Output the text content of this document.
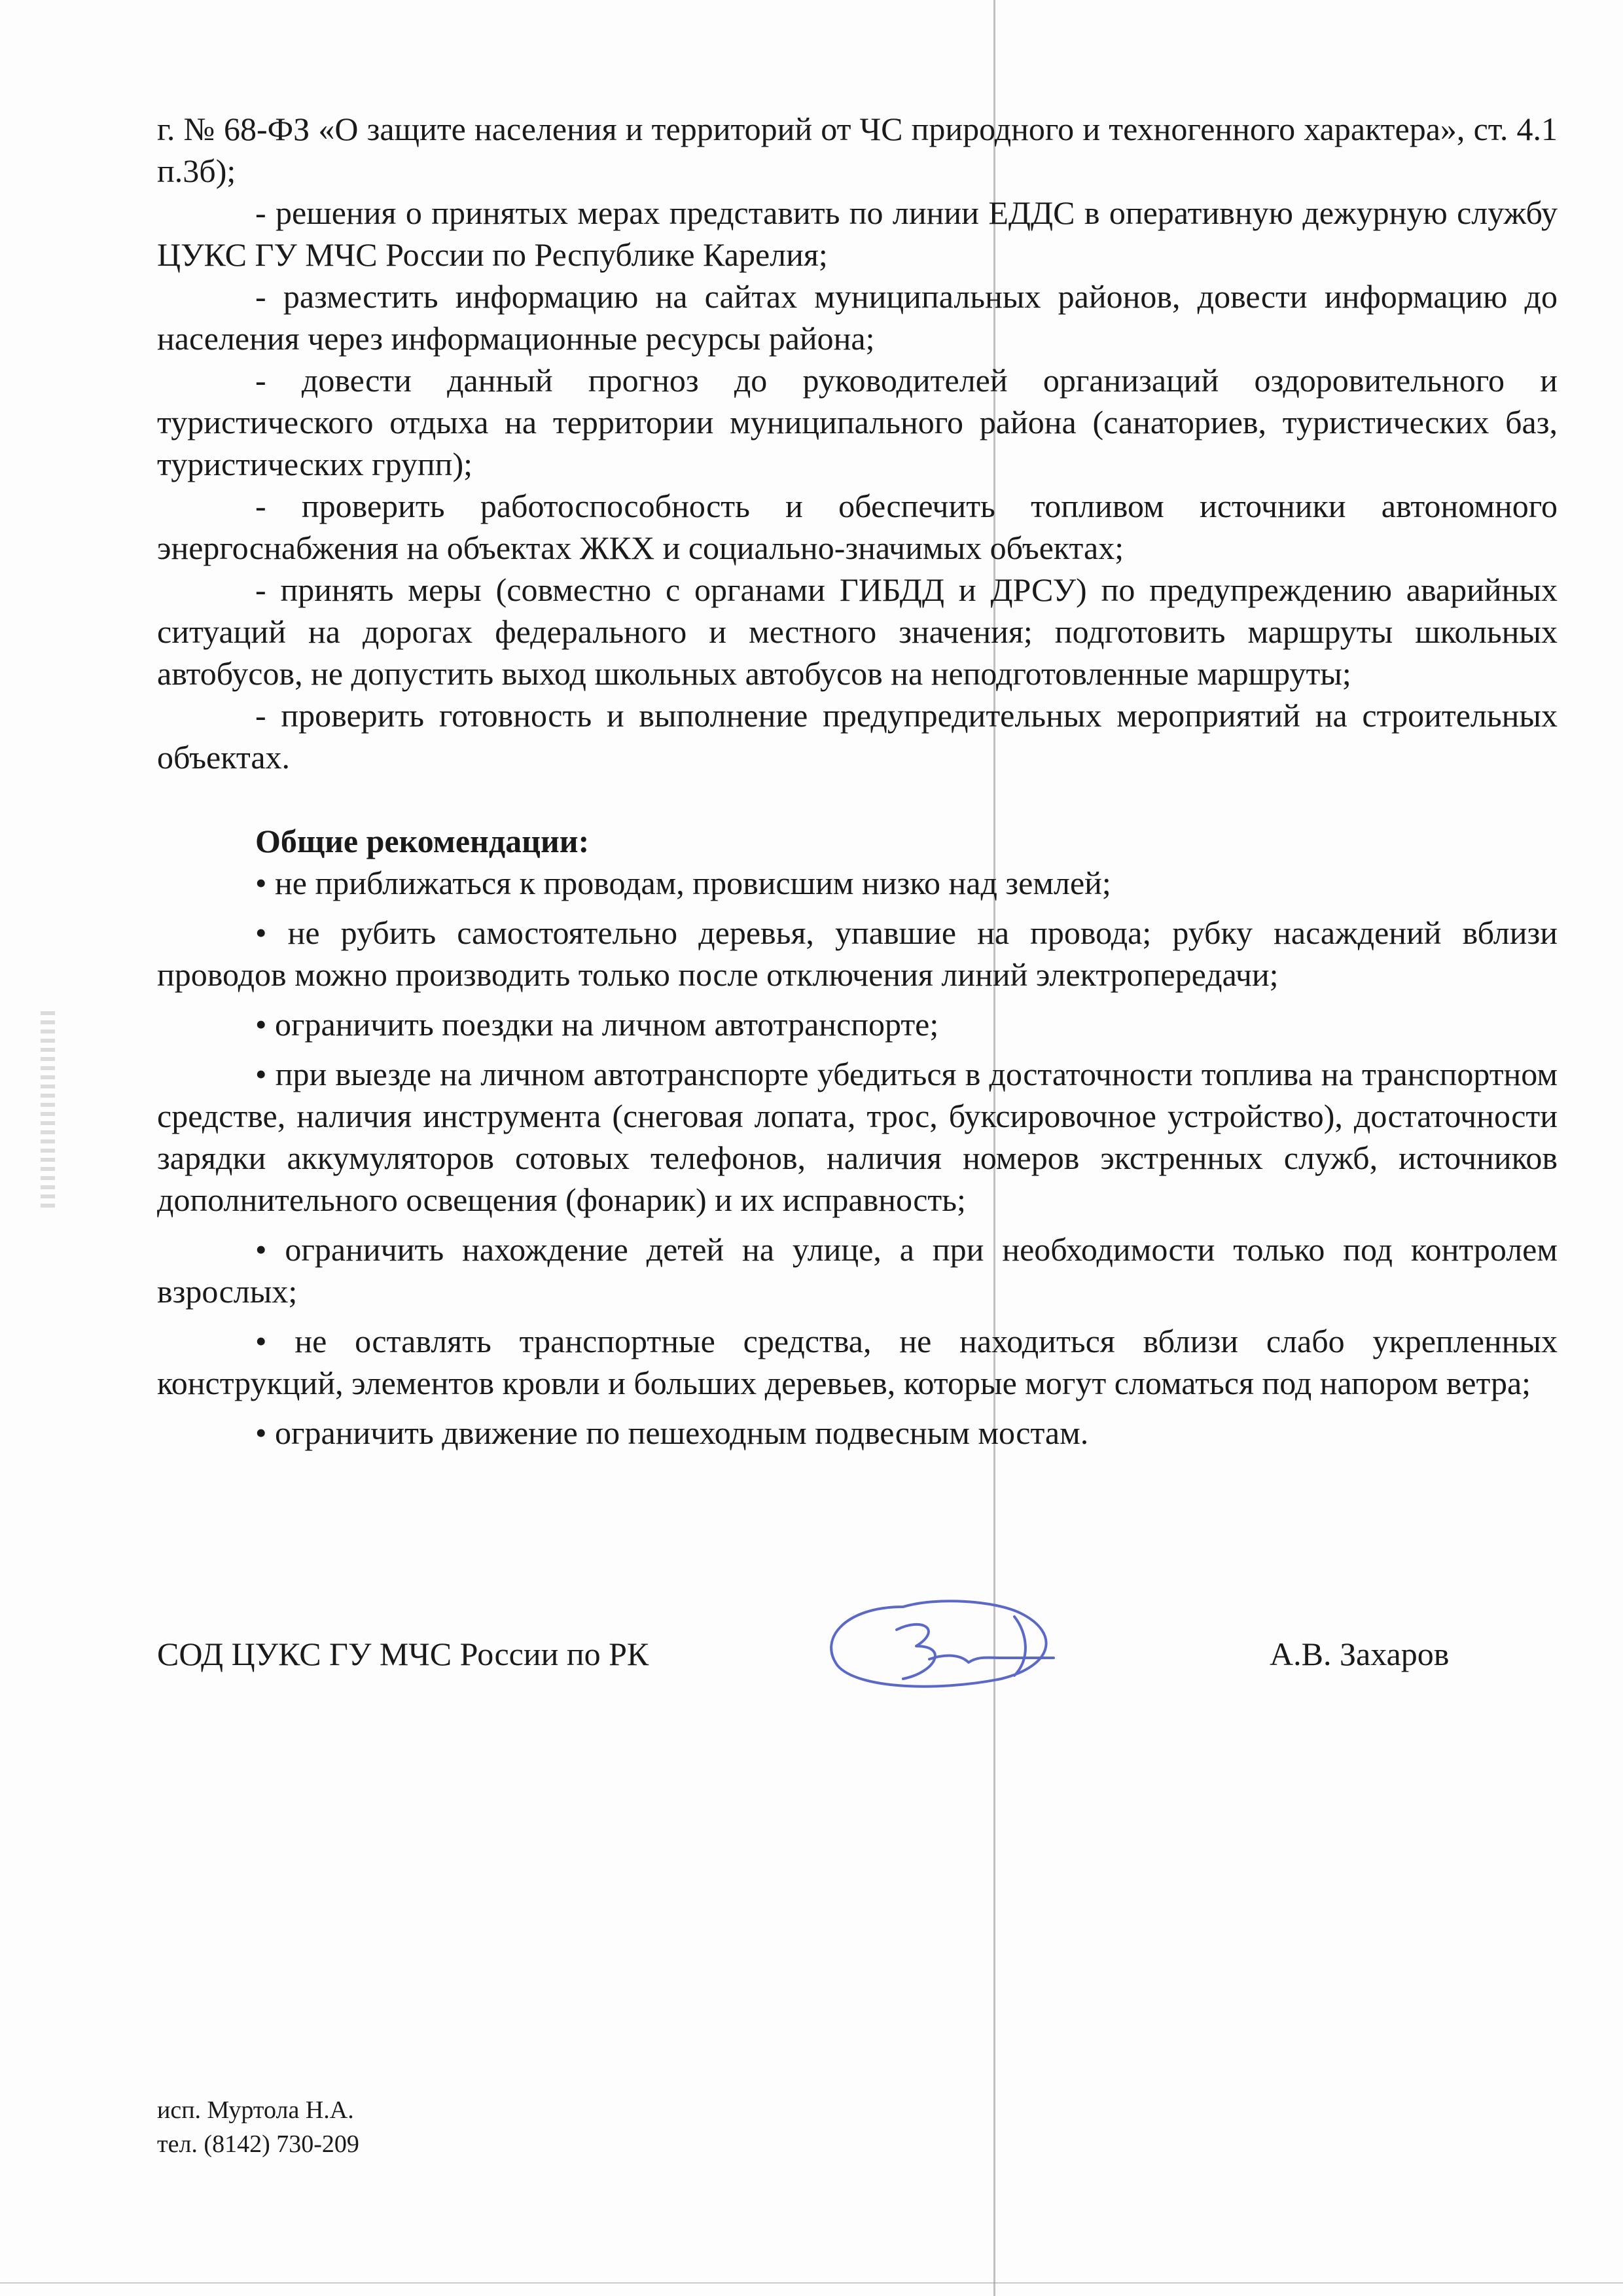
г. № 68-ФЗ «О защите населения и территорий от ЧС природного и техногенного характера», ст. 4.1 п.3б);

- решения о принятых мерах представить по линии ЕДДС в оперативную дежурную службу ЦУКС ГУ МЧС России по Республике Карелия;

- разместить информацию на сайтах муниципальных районов, довести информацию до населения через информационные ресурсы района;

- довести данный прогноз до руководителей организаций оздоровительного и туристического отдыха на территории муниципального района (санаториев, туристических баз, туристических групп);

- проверить работоспособность и обеспечить топливом источники автономного энергоснабжения на объектах ЖКХ и социально-значимых объектах;

- принять меры (совместно с органами ГИБДД и ДРСУ) по предупреждению аварийных ситуаций на дорогах федерального и местного значения; подготовить маршруты школьных автобусов, не допустить выход школьных автобусов на неподготовленные маршруты;

- проверить готовность и выполнение предупредительных мероприятий на строительных объектах.

Общие рекомендации:

• не приближаться к проводам, провисшим низко над землей;

• не рубить самостоятельно деревья, упавшие на провода; рубку насаждений вблизи проводов можно производить только после отключения линий электропередачи;

• ограничить поездки на личном автотранспорте;

• при выезде на личном автотранспорте убедиться в достаточности топлива на транспортном средстве, наличия инструмента (снеговая лопата, трос, буксировочное устройство), достаточности зарядки аккумуляторов сотовых телефонов, наличия номеров экстренных служб, источников дополнительного освещения (фонарик) и их исправность;

• ограничить нахождение детей на улице, а при необходимости только под контролем взрослых;

• не оставлять транспортные средства, не находиться вблизи слабо укрепленных конструкций, элементов кровли и больших деревьев, которые могут сломаться под напором ветра;

• ограничить движение по пешеходным подвесным мостам.

СОД ЦУКС ГУ МЧС России по РК	А.В. Захаров

исп. Муртола Н.А.

тел. (8142) 730-209
